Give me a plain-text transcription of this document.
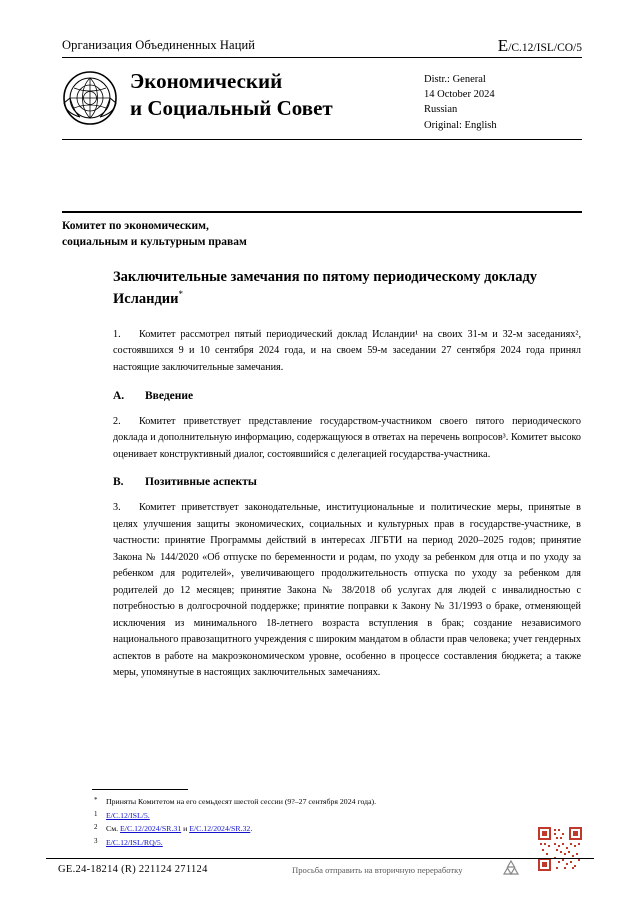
Организация Объединенных Наций	E/C.12/ISL/CO/5
Экономический
и Социальный Совет
Distr.: General
14 October 2024
Russian
Original: English
Комитет по экономическим,
социальным и культурным правам
Заключительные замечания по пятому периодическому докладу Исландии*

1. Комитет рассмотрел пятый периодический доклад Исландии¹ на своих 31-м и 32-м заседаниях², состоявшихся 9 и 10 сентября 2024 года, и на своем 59-м заседании 27 сентября 2024 года принял настоящие заключительные замечания.

A. Введение

2. Комитет приветствует представление государством-участником своего пятого периодического доклада и дополнительную информацию, содержащуюся в ответах на перечень вопросов³. Комитет высоко оценивает конструктивный диалог, состоявшийся с делегацией государства-участника.

B. Позитивные аспекты

3. Комитет приветствует законодательные, институциональные и политические меры, принятые в целях улучшения защиты экономических, социальных и культурных прав в государстве-участнике, в частности: принятие Программы действий в интересах ЛГБТИ на период 2020–2025 годов; принятие Закона № 144/2020 «Об отпуске по беременности и родам, по уходу за ребенком для отца и по уходу за ребенком для родителей», увеличивающего продолжительность отпуска по уходу за ребенком для родителей до 12 месяцев; принятие Закона № 38/2018 об услугах для людей с инвалидностью с потребностью в долгосрочной поддержке; принятие поправки к Закону № 31/1993 о браке, отменяющей исключения из минимального 18-летнего возраста вступления в брак; создание независимого национального правозащитного учреждения с широким мандатом в области прав человека; учет гендерных аспектов в работе на макроэкономическом уровне, особенно в процессе составления бюджета; а также меры, упомянутые в настоящих заключительных замечаниях.

* Приняты Комитетом на его семьдесят шестой сессии (9?–27 сентября 2024 года).
1 E/C.12/ISL/5.
2 См. E/C.12/2024/SR.31 и E/C.12/2024/SR.32.
3 E/C.12/ISL/RQ/5.
GE.24-18214 (R) 221124 271124	Просьба отправить на вторичную переработку
